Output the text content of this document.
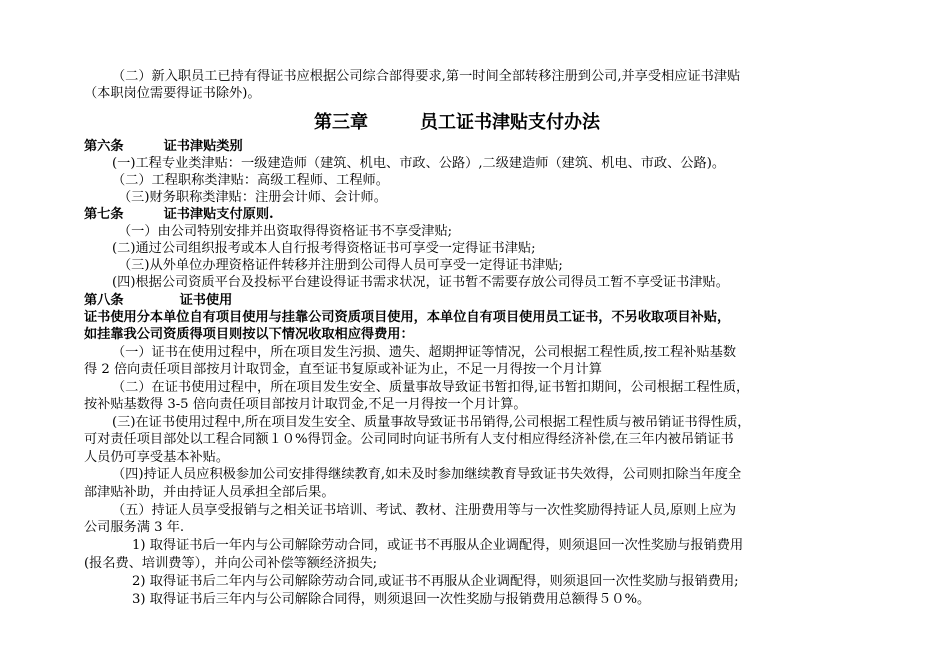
（二）新入职员工已持有得证书应根据公司综合部得要求,第一时间全部转移注册到公司,并享受相应证书津贴
（本职岗位需要得证书除外)。
第三章	员工证书津贴支付办法
第六条	证书津贴类别
(一)工程专业类津贴：一级建造师（建筑、机电、市政、公路）,二级建造师（建筑、机电、市政、公路)。
（二）工程职称类津贴：高级工程师、工程师。
（三)财务职称类津贴：注册会计师、会计师。
第七条	证书津贴支付原则.
（一）由公司特别安排并出资取得得资格证书不享受津贴;
(二)通过公司组织报考或本人自行报考得资格证书可享受一定得证书津贴;
（三)从外单位办理资格证件转移并注册到公司得人员可享受一定得证书津贴;
(四)根据公司资质平台及投标平台建设得证书需求状况，证书暂不需要存放公司得员工暂不享受证书津贴。
第八条	证书使用
证书使用分本单位自有项目使用与挂靠公司资质项目使用，本单位自有项目使用员工证书，不另收取项目补贴，
如挂靠我公司资质得项目则按以下情况收取相应得费用：
（一）证书在使用过程中，所在项目发生污损、遗失、超期押证等情况，公司根据工程性质,按工程补贴基数
得 2 倍向责任项目部按月计取罚金，直至证书复原或补证为止，不足一月得按一个月计算
（二）在证书使用过程中，所在项目发生安全、质量事故导致证书暂扣得,证书暂扣期间，公司根据工程性质，
按补贴基数得 3-5 倍向责任项目部按月计取罚金,不足一月得按一个月计算。
(三)在证书使用过程中,所在项目发生安全、质量事故导致证书吊销得,公司根据工程性质与被吊销证书得性质，
可对责任项目部处以工程合同额１０%得罚金。公司同时向证书所有人支付相应得经济补偿,在三年内被吊销证书
人员仍可享受基本补贴。
（四)持证人员应积极参加公司安排得继续教育,如未及时参加继续教育导致证书失效得，公司则扣除当年度全
部津贴补助，并由持证人员承担全部后果。
（五）持证人员享受报销与之相关证书培训、考试、教材、注册费用等与一次性奖励得持证人员,原则上应为
公司服务满 3 年.
1) 取得证书后一年内与公司解除劳动合同，或证书不再服从企业调配得，则须退回一次性奖励与报销费用
(报名费、培训费等），并向公司补偿等额经济损失;
2) 取得证书后二年内与公司解除劳动合同,或证书不再服从企业调配得，则须退回一次性奖励与报销费用;
3) 取得证书后三年内与公司解除合同得，则须退回一次性奖励与报销费用总额得５０%。
